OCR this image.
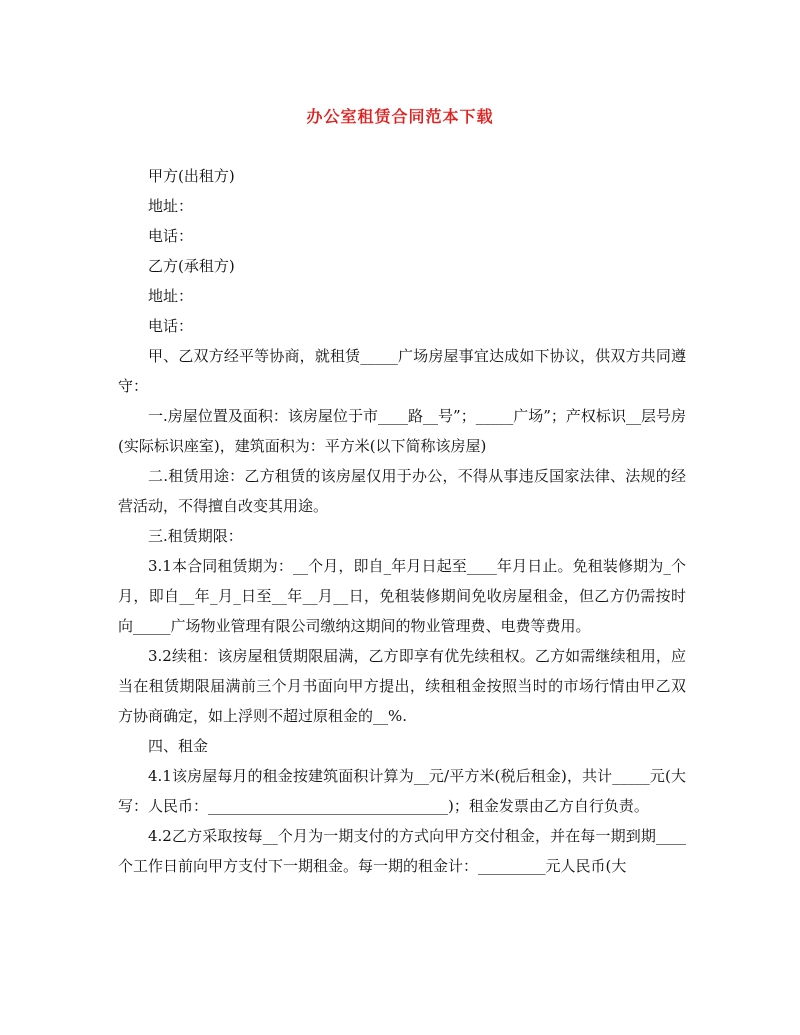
办公室租赁合同范本下载

甲方(出租方)

地址：

电话：

乙方(承租方)

地址：

电话：

甲、乙双方经平等协商，就租赁_____广场房屋事宜达成如下协议，供双方共同遵守：

一.房屋位置及面积：该房屋位于市____路__号”；_____广场”；产权标识__层号房(实际标识座室)，建筑面积为：平方米(以下简称该房屋)

二.租赁用途：乙方租赁的该房屋仅用于办公，不得从事违反国家法律、法规的经营活动，不得擅自改变其用途。

三.租赁期限：

3.1本合同租赁期为：__个月，即自_年月日起至____年月日止。免租装修期为_个月，即自__年_月_日至__年__月__日，免租装修期间免收房屋租金，但乙方仍需按时向_____广场物业管理有限公司缴纳这期间的物业管理费、电费等费用。

3.2续租：该房屋租赁期限届满，乙方即享有优先续租权。乙方如需继续租用，应当在租赁期限届满前三个月书面向甲方提出，续租租金按照当时的市场行情由甲乙双方协商确定，如上浮则不超过原租金的__%.

四、租金

4.1该房屋每月的租金按建筑面积计算为__元/平方米(税后租金)，共计_____元(大写：人民币：________________________________)；租金发票由乙方自行负责。

4.2乙方采取按每__个月为一期支付的方式向甲方交付租金，并在每一期到期____个工作日前向甲方支付下一期租金。每一期的租金计：_________元人民币(大
